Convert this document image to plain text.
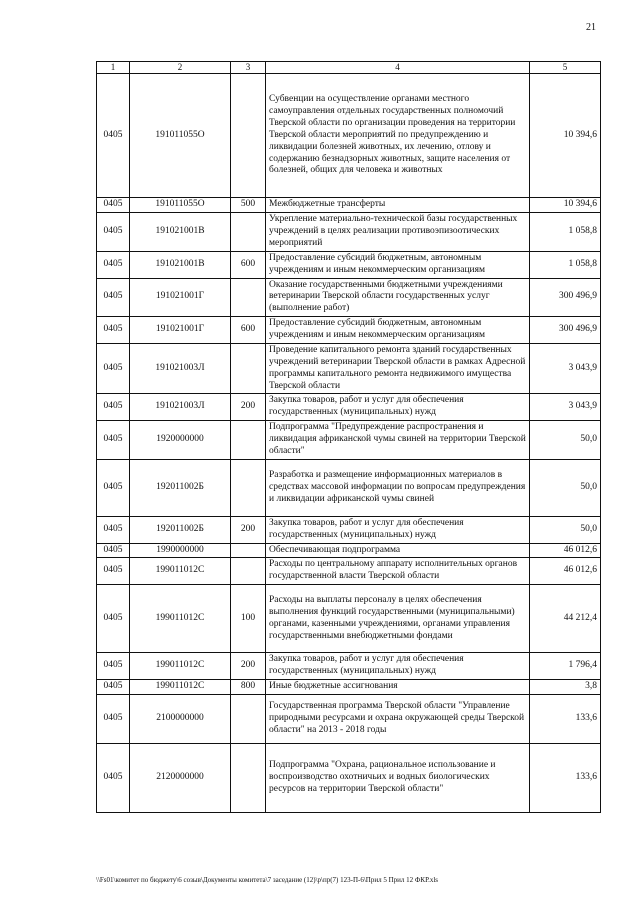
21
1	2	3	4	5
0405	191011055О		Субвенции на осуществление органами местного самоуправления отдельных государственных полномочий Тверской области по организации проведения на территории Тверской области мероприятий по предупреждению и ликвидации болезней животных, их лечению, отлову и содержанию безнадзорных животных, защите населения от болезней, общих для человека и животных	10 394,6
0405	191011055О	500	Межбюджетные трансферты	10 394,6
0405	191021001В		Укрепление материально-технической базы государственных учреждений в целях реализации противоэпизоотических мероприятий	1 058,8
0405	191021001В	600	Предоставление субсидий бюджетным, автономным учреждениям и иным некоммерческим организациям	1 058,8
0405	191021001Г		Оказание государственными бюджетными учреждениями ветеринарии Тверской области государственных услуг (выполнение работ)	300 496,9
0405	191021001Г	600	Предоставление субсидий бюджетным, автономным учреждениям и иным некоммерческим организациям	300 496,9
0405	191021003Л		Проведение капитального ремонта зданий государственных учреждений ветеринарии Тверской области в рамках Адресной программы капитального ремонта недвижимого имущества Тверской области	3 043,9
0405	191021003Л	200	Закупка товаров, работ и услуг для обеспечения государственных (муниципальных) нужд	3 043,9
0405	1920000000		Подпрограмма "Предупреждение распространения и ликвидация африканской чумы свиней на территории Тверской области"	50,0
0405	192011002Б		Разработка и размещение информационных материалов в средствах массовой информации по вопросам предупреждения и ликвидации африканской чумы свиней	50,0
0405	192011002Б	200	Закупка товаров, работ и услуг для обеспечения государственных (муниципальных) нужд	50,0
0405	1990000000		Обеспечивающая подпрограмма	46 012,6
0405	199011012С		Расходы по центральному аппарату исполнительных органов государственной власти Тверской области	46 012,6
0405	199011012С	100	Расходы на выплаты персоналу в целях обеспечения выполнения функций государственными (муниципальными) органами, казенными учреждениями, органами управления государственными внебюджетными фондами	44 212,4
0405	199011012С	200	Закупка товаров, работ и услуг для обеспечения государственных (муниципальных) нужд	1 796,4
0405	199011012С	800	Иные бюджетные ассигнования	3,8
0405	2100000000		Государственная программа Тверской области "Управление природными ресурсами и охрана окружающей среды Тверской области" на 2013 - 2018 годы	133,6
0405	2120000000		Подпрограмма "Охрана, рациональное использование и воспроизводство охотничьих и водных биологических ресурсов на территории Тверской области"	133,6
\\Fs01\комитет по бюджету\6 созыв\Документы комитета\7 заседание (12)\р\пр(7) 123-П-6\Прил 5 Прил 12 ФКР.xls
